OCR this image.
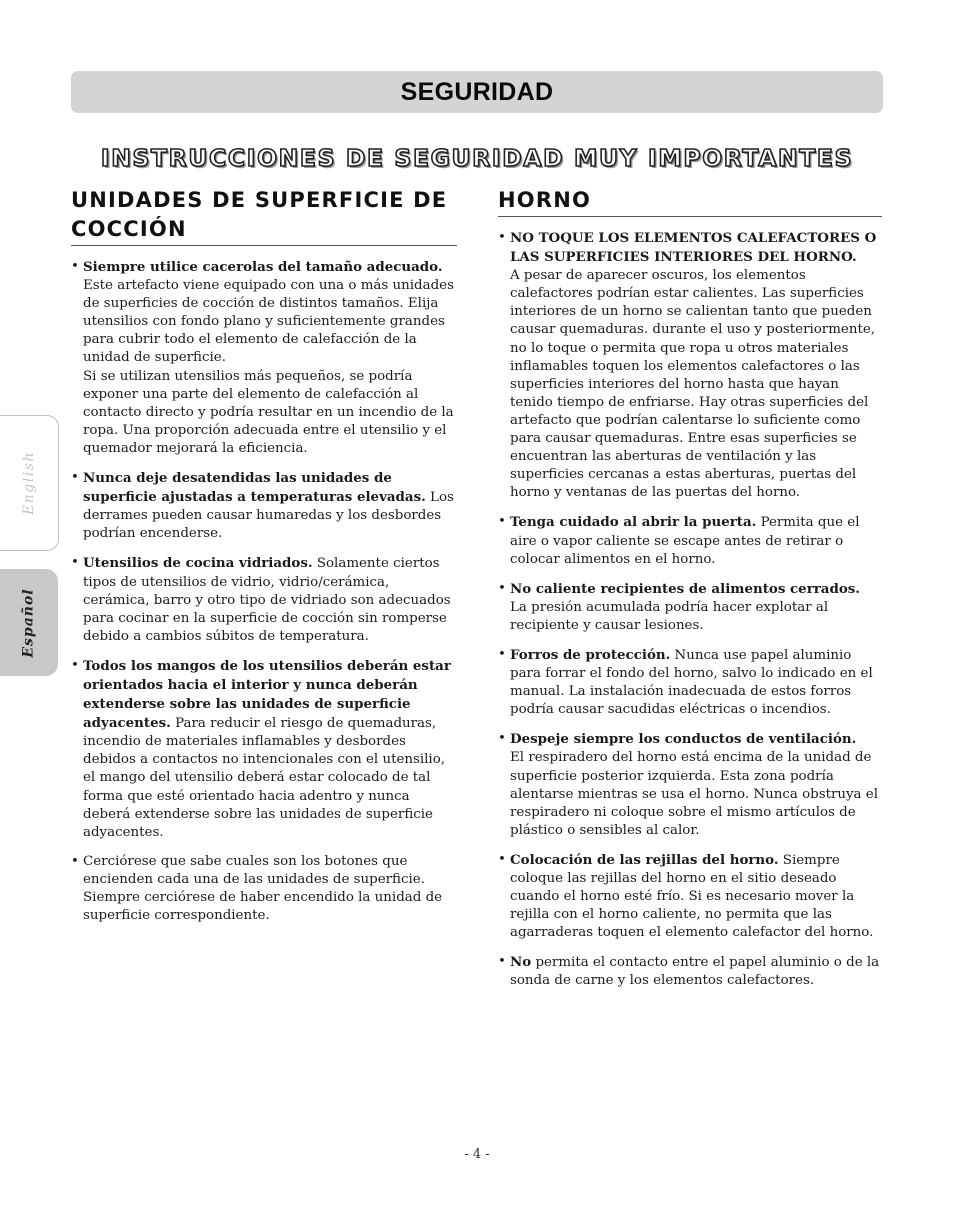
SEGURIDAD
INSTRUCCIONES DE SEGURIDAD MUY IMPORTANTES
UNIDADES DE SUPERFICIE DE
COCCIÓN
• Siempre utilice cacerolas del tamaño adecuado.
Este artefacto viene equipado con una o más unidades de superficies de cocción de distintos tamaños. Elija utensilios con fondo plano y suficientemente grandes para cubrir todo el elemento de calefacción de la unidad de superficie.
Si se utilizan utensilios más pequeños, se podría exponer una parte del elemento de calefacción al contacto directo y podría resultar en un incendio de la ropa. Una proporción adecuada entre el utensilio y el quemador mejorará la eficiencia.
• Nunca deje desatendidas las unidades de superficie ajustadas a temperaturas elevadas. Los derrames pueden causar humaredas y los desbordes podrían encenderse.
• Utensilios de cocina vidriados. Solamente ciertos tipos de utensilios de vidrio, vidrio/cerámica, cerámica, barro y otro tipo de vidriado son adecuados para cocinar en la superficie de cocción sin romperse debido a cambios súbitos de temperatura.
• Todos los mangos de los utensilios deberán estar orientados hacia el interior y nunca deberán extenderse sobre las unidades de superficie adyacentes. Para reducir el riesgo de quemaduras, incendio de materiales inflamables y desbordes debidos a contactos no intencionales con el utensilio, el mango del utensilio deberá estar colocado de tal forma que esté orientado hacia adentro y nunca deberá extenderse sobre las unidades de superficie adyacentes.
• Cerciórese que sabe cuales son los botones que encienden cada una de las unidades de superficie. Siempre cerciórese de haber encendido la unidad de superficie correspondiente.
HORNO
• NO TOQUE LOS ELEMENTOS CALEFACTORES O LAS SUPERFICIES INTERIORES DEL HORNO.
A pesar de aparecer oscuros, los elementos calefactores podrían estar calientes. Las superficies interiores de un horno se calientan tanto que pueden causar quemaduras. durante el uso y posteriormente, no lo toque o permita que ropa u otros materiales inflamables toquen los elementos calefactores o las superficies interiores del horno hasta que hayan tenido tiempo de enfriarse. Hay otras superficies del artefacto que podrían calentarse lo suficiente como para causar quemaduras. Entre esas superficies se encuentran las aberturas de ventilación y las superficies cercanas a estas aberturas, puertas del horno y ventanas de las puertas del horno.
• Tenga cuidado al abrir la puerta. Permita que el aire o vapor caliente se escape antes de retirar o colocar alimentos en el horno.
• No caliente recipientes de alimentos cerrados.
La presión acumulada podría hacer explotar al recipiente y causar lesiones.
• Forros de protección. Nunca use papel aluminio para forrar el fondo del horno, salvo lo indicado en el manual. La instalación inadecuada de estos forros podría causar sacudidas eléctricas o incendios.
• Despeje siempre los conductos de ventilación.
El respiradero del horno está encima de la unidad de superficie posterior izquierda. Esta zona podría alentarse mientras se usa el horno. Nunca obstruya el respiradero ni coloque sobre el mismo artículos de plástico o sensibles al calor.
• Colocación de las rejillas del horno. Siempre coloque las rejillas del horno en el sitio deseado cuando el horno esté frío. Si es necesario mover la rejilla con el horno caliente, no permita que las agarraderas toquen el elemento calefactor del horno.
• No permita el contacto entre el papel aluminio o de la sonda de carne y los elementos calefactores.
English
Español
- 4 -
